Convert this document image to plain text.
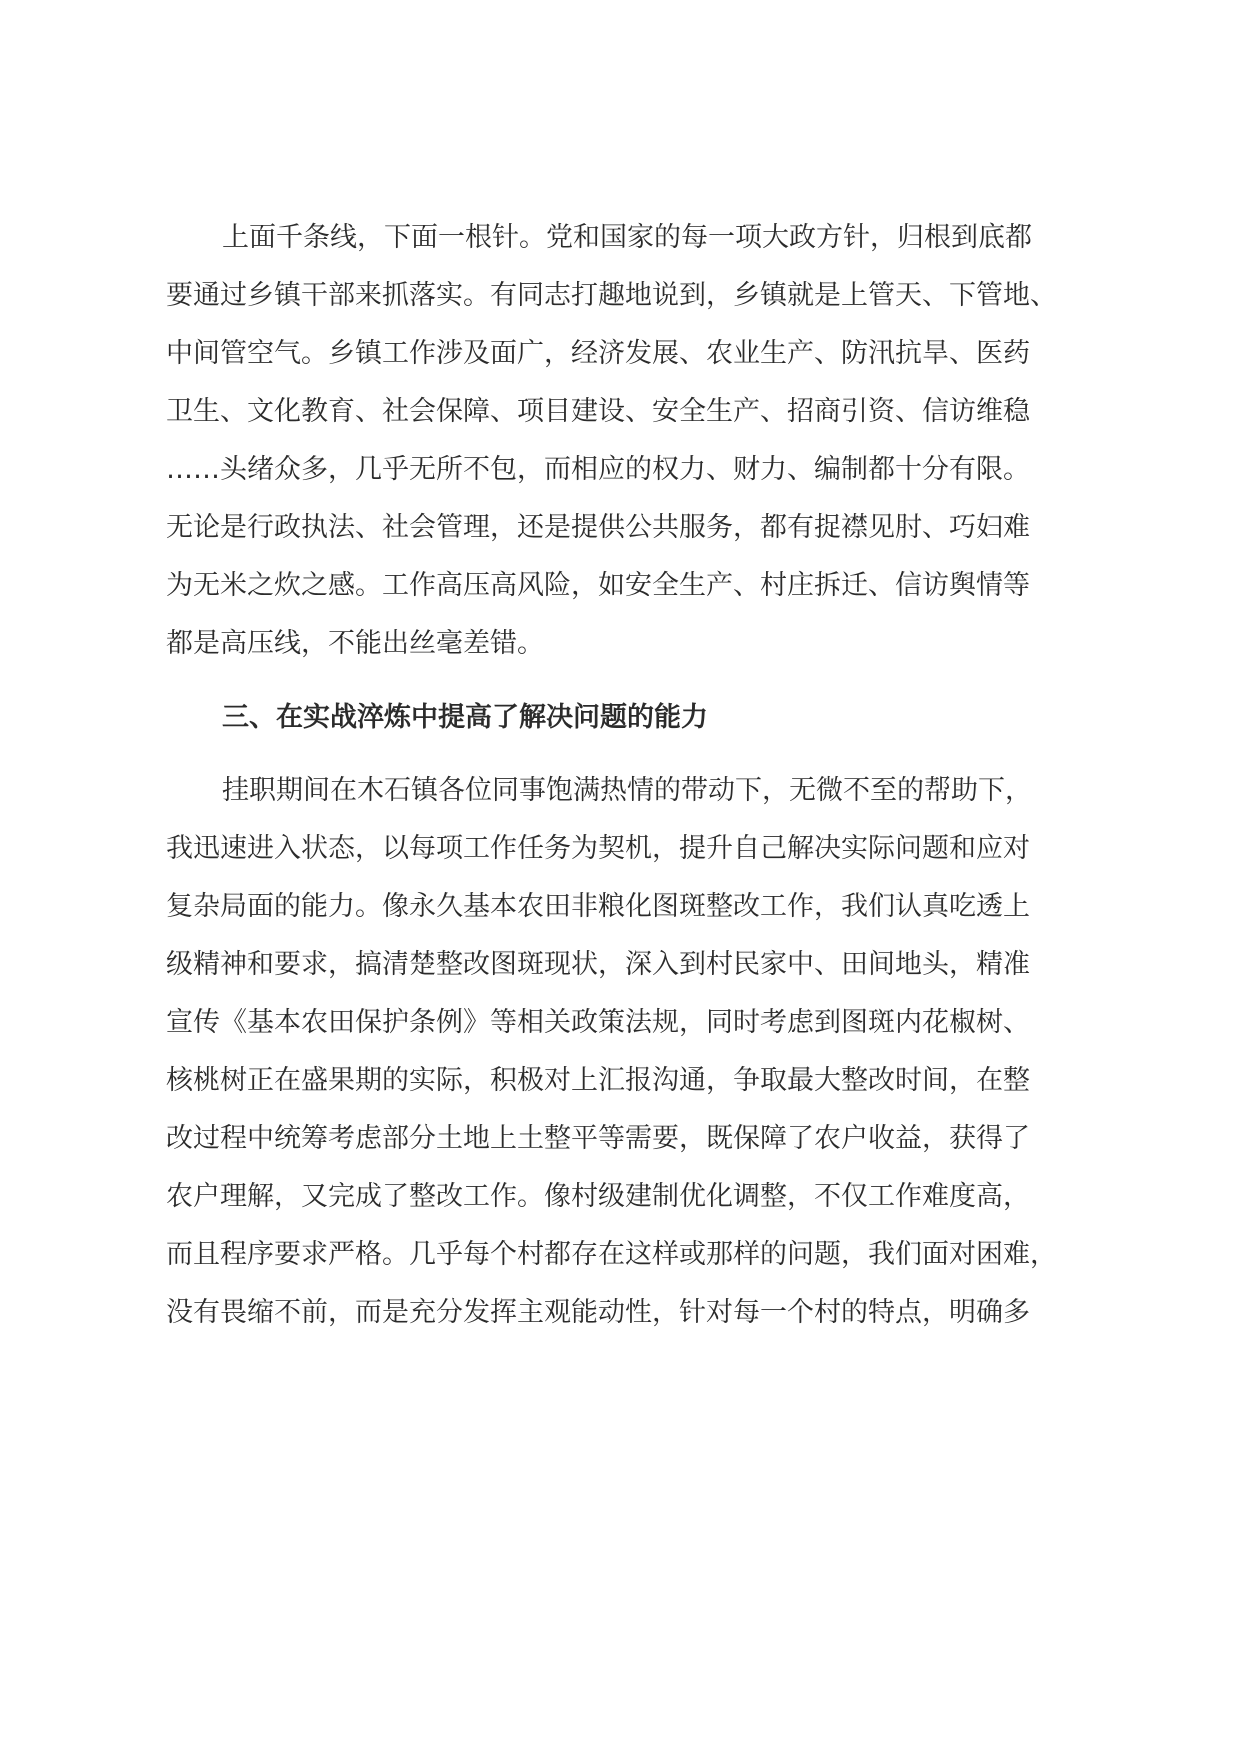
上面千条线，下面一根针。党和国家的每一项大政方针，归根到底都
要通过乡镇干部来抓落实。有同志打趣地说到，乡镇就是上管天、下管地、
中间管空气。乡镇工作涉及面广，经济发展、农业生产、防汛抗旱、医药
卫生、文化教育、社会保障、项目建设、安全生产、招商引资、信访维稳
……头绪众多，几乎无所不包，而相应的权力、财力、编制都十分有限。
无论是行政执法、社会管理，还是提供公共服务，都有捉襟见肘、巧妇难
为无米之炊之感。工作高压高风险，如安全生产、村庄拆迁、信访舆情等
都是高压线，不能出丝毫差错。
三、在实战淬炼中提高了解决问题的能力
挂职期间在木石镇各位同事饱满热情的带动下，无微不至的帮助下，
我迅速进入状态，以每项工作任务为契机，提升自己解决实际问题和应对
复杂局面的能力。像永久基本农田非粮化图斑整改工作，我们认真吃透上
级精神和要求，搞清楚整改图斑现状，深入到村民家中、田间地头，精准
宣传《基本农田保护条例》等相关政策法规，同时考虑到图斑内花椒树、
核桃树正在盛果期的实际，积极对上汇报沟通，争取最大整改时间，在整
改过程中统筹考虑部分土地上土整平等需要，既保障了农户收益，获得了
农户理解，又完成了整改工作。像村级建制优化调整，不仅工作难度高，
而且程序要求严格。几乎每个村都存在这样或那样的问题，我们面对困难，
没有畏缩不前，而是充分发挥主观能动性，针对每一个村的特点，明确多
